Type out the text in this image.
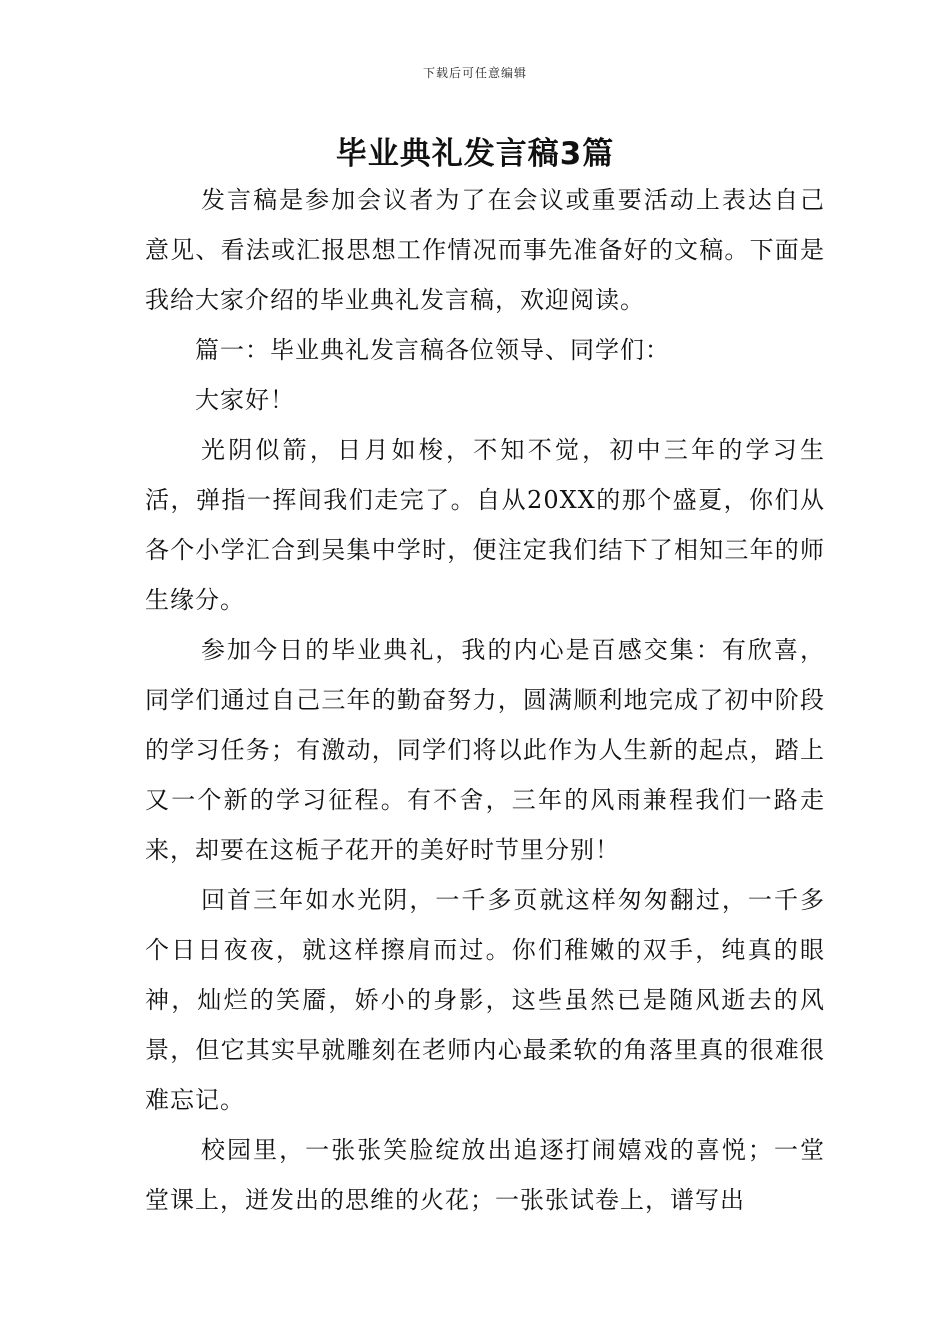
下载后可任意编辑
毕业典礼发言稿3篇

发言稿是参加会议者为了在会议或重要活动上表达自己意见、看法或汇报思想工作情况而事先准备好的文稿。下面是我给大家介绍的毕业典礼发言稿，欢迎阅读。

篇一：毕业典礼发言稿各位领导、同学们：

大家好！

光阴似箭，日月如梭，不知不觉，初中三年的学习生活，弹指一挥间我们走完了。自从20XX的那个盛夏，你们从各个小学汇合到吴集中学时，便注定我们结下了相知三年的师生缘分。

参加今日的毕业典礼，我的内心是百感交集：有欣喜，同学们通过自己三年的勤奋努力，圆满顺利地完成了初中阶段的学习任务；有激动，同学们将以此作为人生新的起点，踏上又一个新的学习征程。有不舍，三年的风雨兼程我们一路走来，却要在这栀子花开的美好时节里分别！

回首三年如水光阴，一千多页就这样匆匆翻过，一千多个日日夜夜，就这样擦肩而过。你们稚嫩的双手，纯真的眼神，灿烂的笑靥，娇小的身影，这些虽然已是随风逝去的风景，但它其实早就雕刻在老师内心最柔软的角落里真的很难很难忘记。

校园里，一张张笑脸绽放出追逐打闹嬉戏的喜悦；一堂堂课上，迸发出的思维的火花；一张张试卷上，谱写出
